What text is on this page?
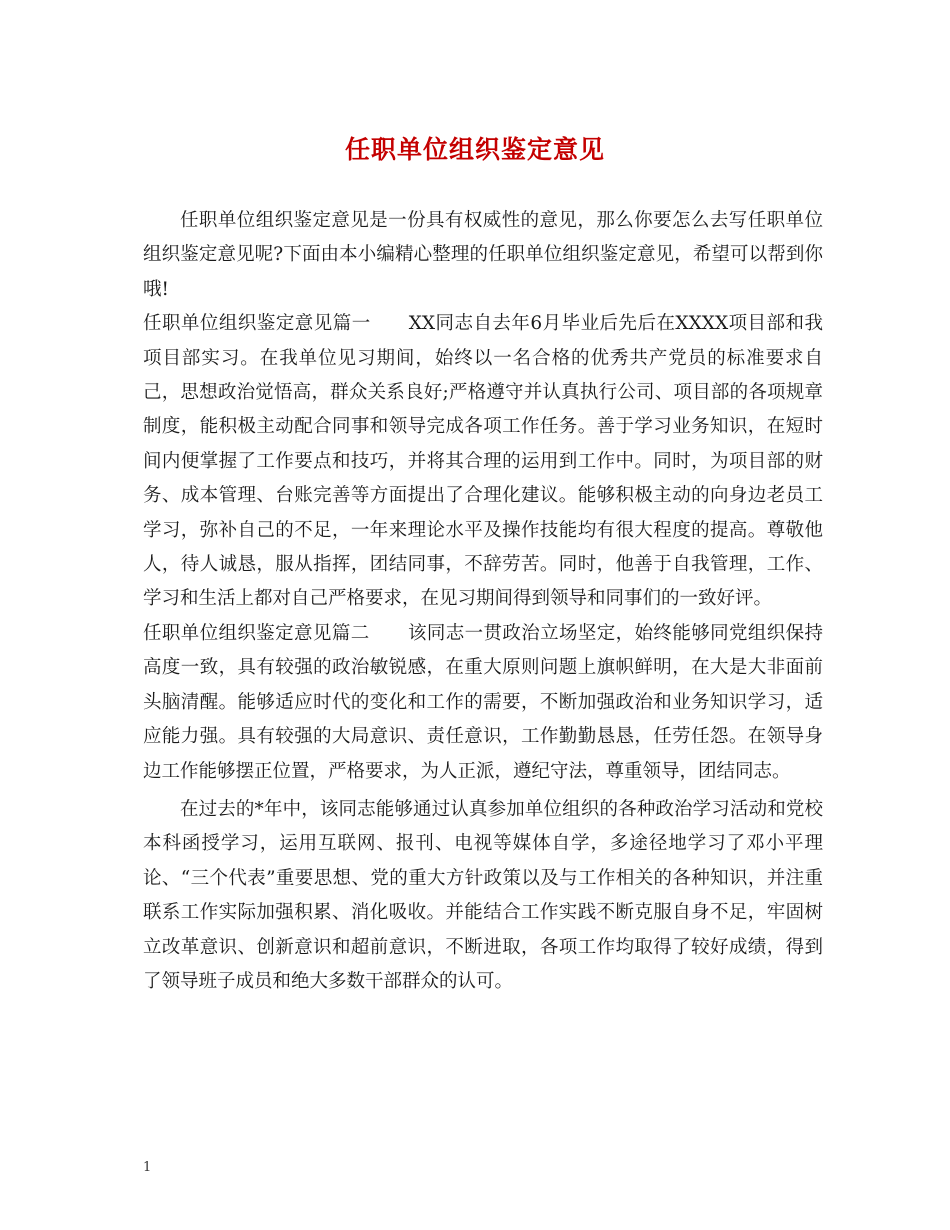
任职单位组织鉴定意见

任职单位组织鉴定意见是一份具有权威性的意见，那么你要怎么去写任职单位组织鉴定意见呢?下面由本小编精心整理的任职单位组织鉴定意见，希望可以帮到你哦!

任职单位组织鉴定意见篇一 XX同志自去年6月毕业后先后在XXXX项目部和我项目部实习。在我单位见习期间，始终以一名合格的优秀共产党员的标准要求自己，思想政治觉悟高，群众关系良好;严格遵守并认真执行公司、项目部的各项规章制度，能积极主动配合同事和领导完成各项工作任务。善于学习业务知识，在短时间内便掌握了工作要点和技巧，并将其合理的运用到工作中。同时，为项目部的财务、成本管理、台账完善等方面提出了合理化建议。能够积极主动的向身边老员工学习，弥补自己的不足，一年来理论水平及操作技能均有很大程度的提高。尊敬他人，待人诚恳，服从指挥，团结同事，不辞劳苦。同时，他善于自我管理，工作、学习和生活上都对自己严格要求，在见习期间得到领导和同事们的一致好评。

任职单位组织鉴定意见篇二 该同志一贯政治立场坚定，始终能够同党组织保持高度一致，具有较强的政治敏锐感，在重大原则问题上旗帜鲜明，在大是大非面前头脑清醒。能够适应时代的变化和工作的需要，不断加强政治和业务知识学习，适应能力强。具有较强的大局意识、责任意识，工作勤勤恳恳，任劳任怨。在领导身边工作能够摆正位置，严格要求，为人正派，遵纪守法，尊重领导，团结同志。

在过去的*年中，该同志能够通过认真参加单位组织的各种政治学习活动和党校本科函授学习，运用互联网、报刊、电视等媒体自学，多途径地学习了邓小平理论、“三个代表”重要思想、党的重大方针政策以及与工作相关的各种知识，并注重联系工作实际加强积累、消化吸收。并能结合工作实践不断克服自身不足，牢固树立改革意识、创新意识和超前意识，不断进取，各项工作均取得了较好成绩，得到了领导班子成员和绝大多数干部群众的认可。

1
